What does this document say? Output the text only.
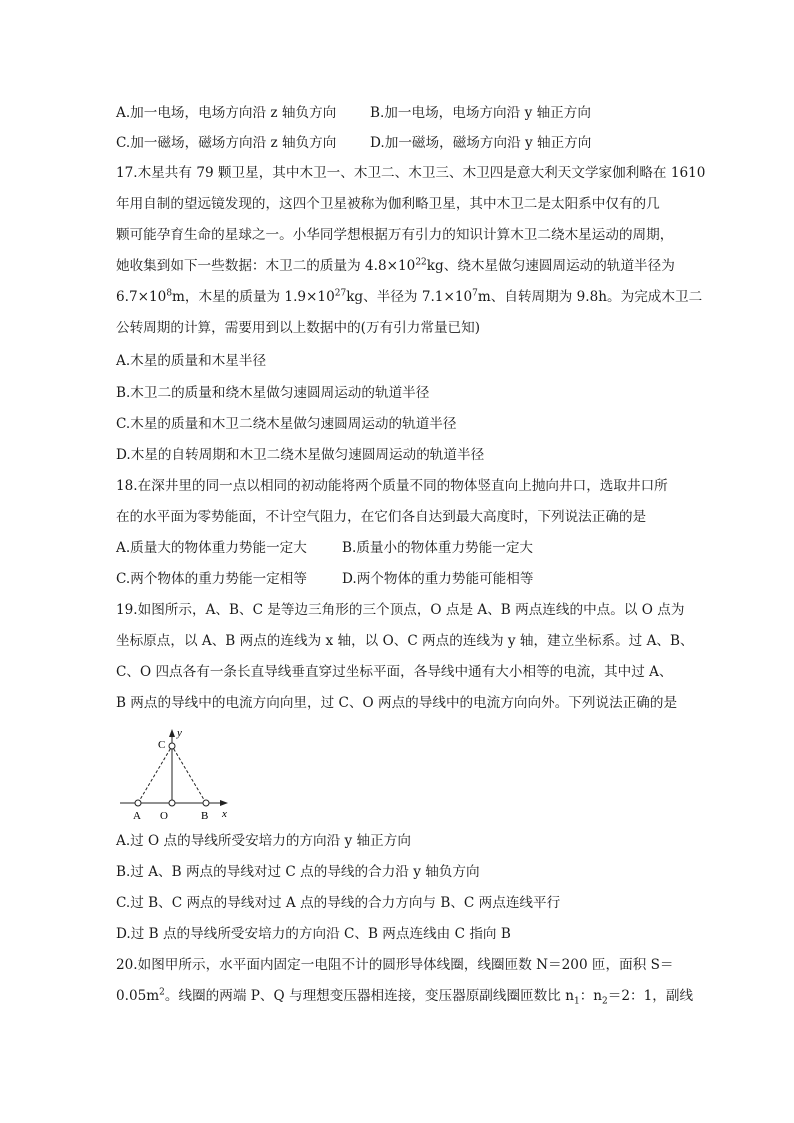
A.加一电场，电场方向沿 z 轴负方向 B.加一电场，电场方向沿 y 轴正方向
C.加一磁场，磁场方向沿 z 轴负方向 D.加一磁场，磁场方向沿 y 轴正方向
17.木星共有 79 颗卫星，其中木卫一、木卫二、木卫三、木卫四是意大利天文学家伽利略在 1610
年用自制的望远镜发现的，这四个卫星被称为伽利略卫星，其中木卫二是太阳系中仅有的几
颗可能孕育生命的星球之一。小华同学想根据万有引力的知识计算木卫二绕木星运动的周期，
她收集到如下一些数据：木卫二的质量为 $4.8\times 10^{22}kg$、绕木星做匀速圆周运动的轨道半径为
$6.7\times 10^8m$，木星的质量为 $1.9\times 10^{27}kg$、半径为 $7.1\times 10^7m$、自转周期为 9.8h。为完成木卫二
公转周期的计算，需要用到以上数据中的(万有引力常量已知)
A.木星的质量和木星半径
B.木卫二的质量和绕木星做匀速圆周运动的轨道半径
C.木星的质量和木卫二绕木星做匀速圆周运动的轨道半径
D.木星的自转周期和木卫二绕木星做匀速圆周运动的轨道半径
18.在深井里的同一点以相同的初动能将两个质量不同的物体竖直向上抛向井口，选取井口所
在的水平面为零势能面，不计空气阻力，在它们各自达到最大高度时，下列说法正确的是
A.质量大的物体重力势能一定大	B.质量小的物体重力势能一定大
C.两个物体的重力势能一定相等	D.两个物体的重力势能可能相等
19.如图所示，A、B、C 是等边三角形的三个顶点，O 点是 A、B 两点连线的中点。以 O 点为
坐标原点，以 A、B 两点的连线为 x 轴，以 O、C 两点的连线为 y 轴，建立坐标系。过 A、B、
C、O 四点各有一条长直导线垂直穿过坐标平面，各导线中通有大小相等的电流，其中过 A、
B 两点的导线中的电流方向向里，过 C、O 两点的导线中的电流方向向外。下列说法正确的是
y
x
C
A O	B
A.过 O 点的导线所受安培力的方向沿 y 轴正方向
B.过 A、B 两点的导线对过 C 点的导线的合力沿 y 轴负方向
C.过 B、C 两点的导线对过 A 点的导线的合力方向与 B、C 两点连线平行
D.过 B 点的导线所受安培力的方向沿 C、B 两点连线由 C 指向 B
20.如图甲所示，水平面内固定一电阻不计的圆形导体线圈，线圈匝数 N＝200 匝，面积 S＝
$0.05m^2$。线圈的两端 P、Q 与理想变压器相连接，变压器原副线圈匝数比 $n_1$：$n_2=2$：1，副线
